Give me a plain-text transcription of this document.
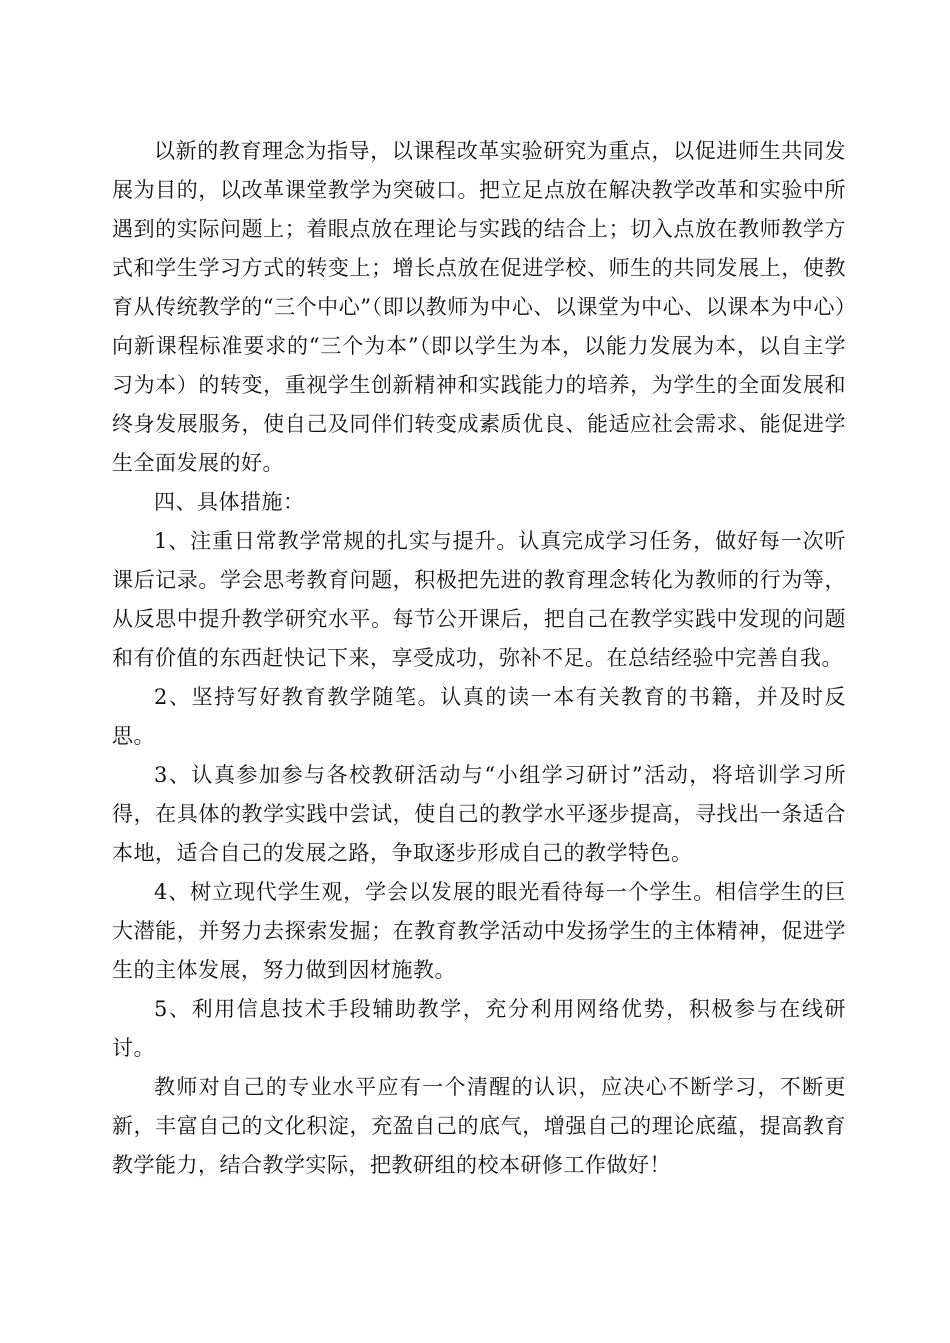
以新的教育理念为指导，以课程改革实验研究为重点，以促进师生共同发展为目的，以改革课堂教学为突破口。把立足点放在解决教学改革和实验中所遇到的实际问题上；着眼点放在理论与实践的结合上；切入点放在教师教学方式和学生学习方式的转变上；增长点放在促进学校、师生的共同发展上，使教育从传统教学的“三个中心”（即以教师为中心、以课堂为中心、以课本为中心）向新课程标准要求的“三个为本”（即以学生为本，以能力发展为本，以自主学习为本）的转变，重视学生创新精神和实践能力的培养，为学生的全面发展和终身发展服务，使自己及同伴们转变成素质优良、能适应社会需求、能促进学生全面发展的好。

四、具体措施：

1、注重日常教学常规的扎实与提升。认真完成学习任务，做好每一次听课后记录。学会思考教育问题，积极把先进的教育理念转化为教师的行为等，从反思中提升教学研究水平。每节公开课后，把自己在教学实践中发现的问题和有价值的东西赶快记下来，享受成功，弥补不足。在总结经验中完善自我。

2、坚持写好教育教学随笔。认真的读一本有关教育的书籍，并及时反思。

3、认真参加参与各校教研活动与“小组学习研讨”活动，将培训学习所得，在具体的教学实践中尝试，使自己的教学水平逐步提高，寻找出一条适合本地，适合自己的发展之路，争取逐步形成自己的教学特色。

4、树立现代学生观，学会以发展的眼光看待每一个学生。相信学生的巨大潜能，并努力去探索发掘；在教育教学活动中发扬学生的主体精神，促进学生的主体发展，努力做到因材施教。

5、利用信息技术手段辅助教学，充分利用网络优势，积极参与在线研讨。

教师对自己的专业水平应有一个清醒的认识，应决心不断学习，不断更新，丰富自己的文化积淀，充盈自己的底气，增强自己的理论底蕴，提高教育教学能力，结合教学实际，把教研组的校本研修工作做好！
